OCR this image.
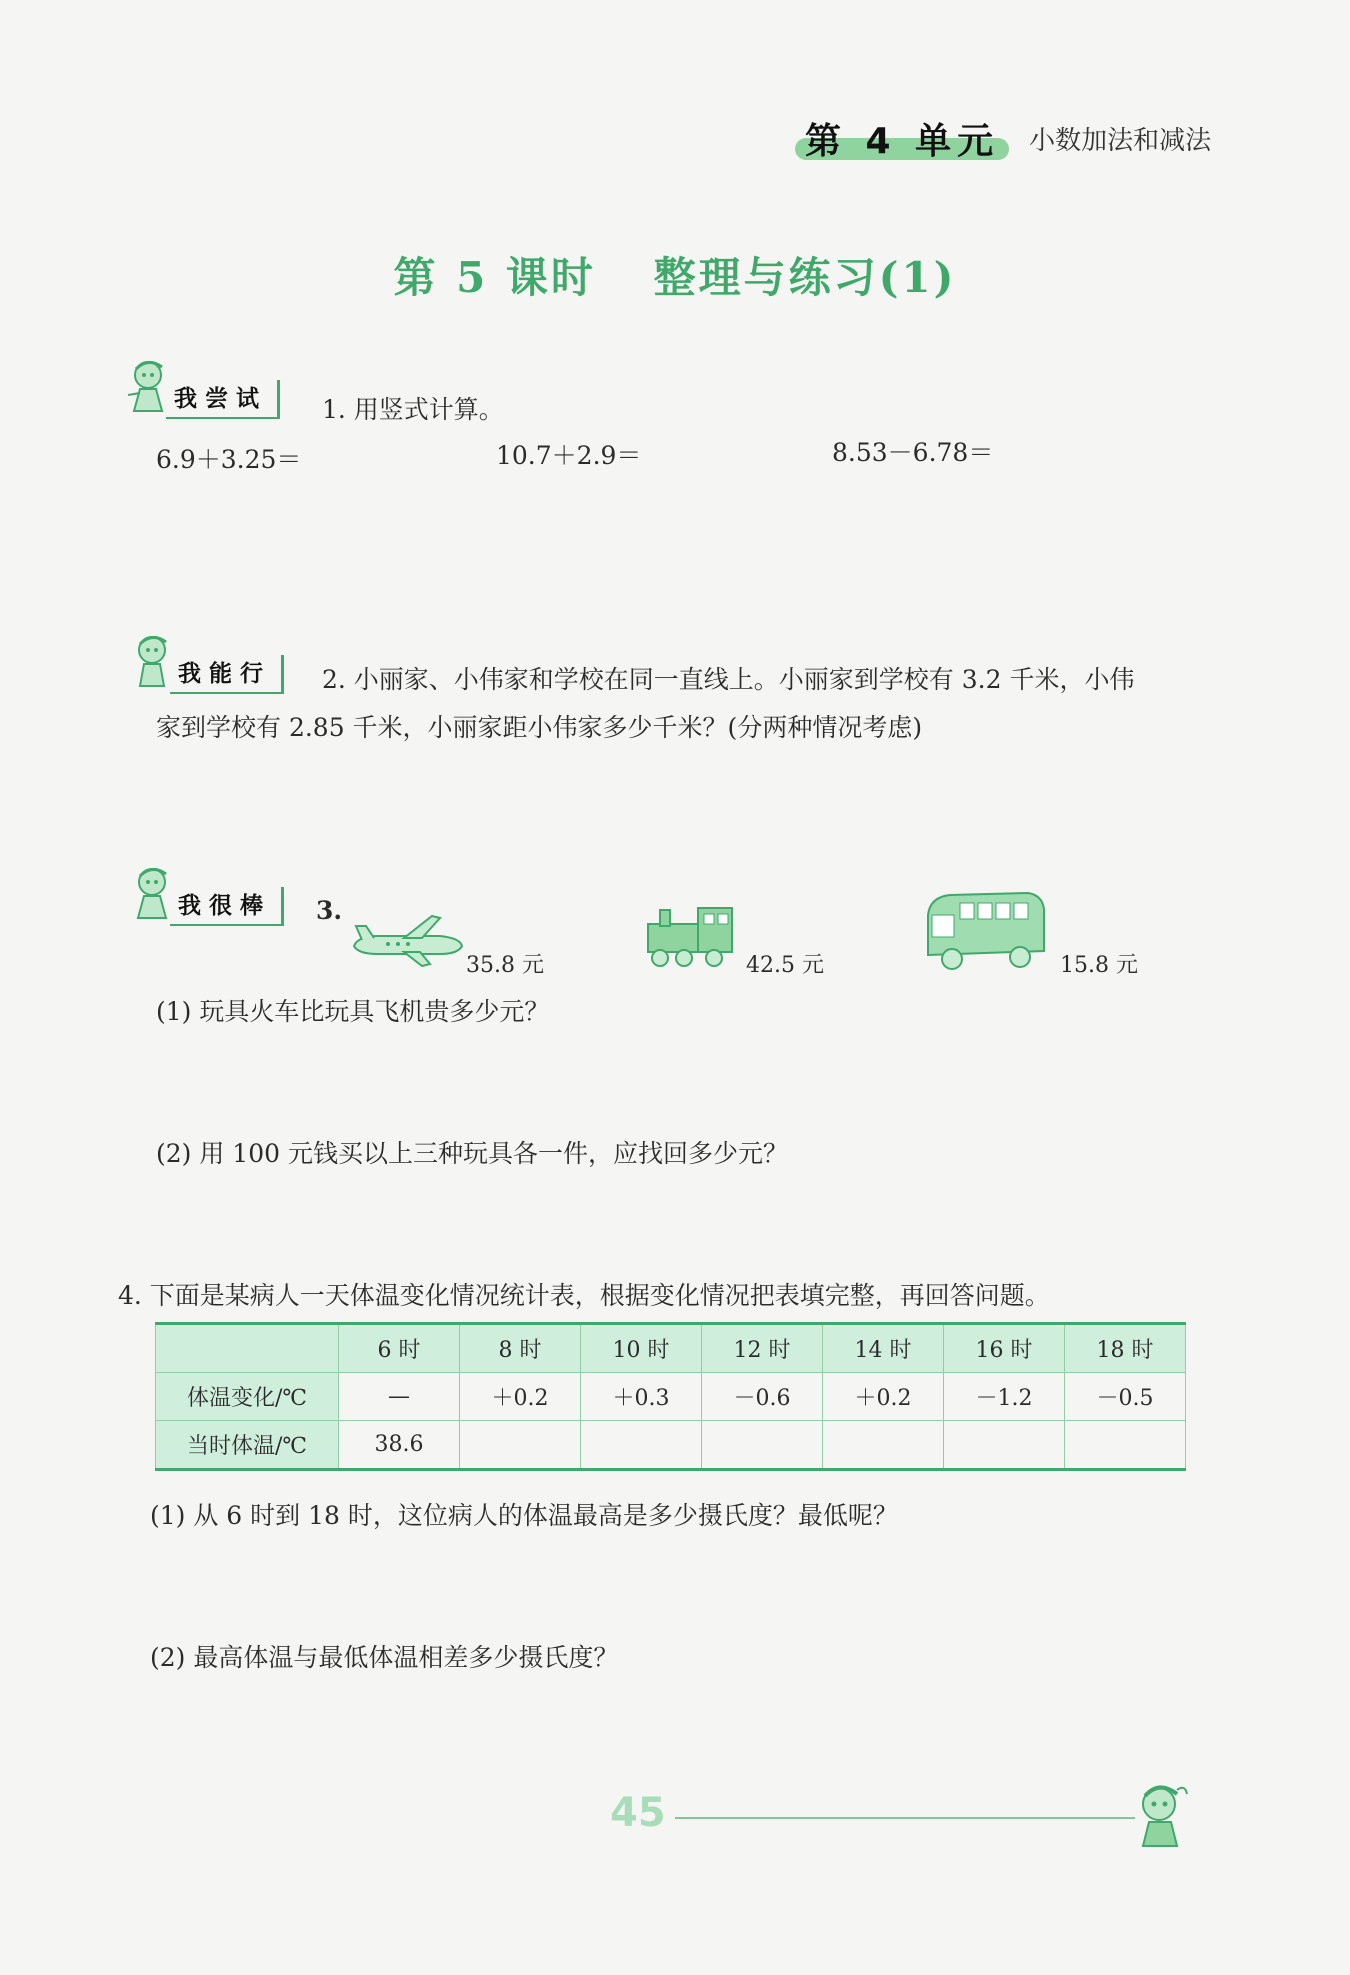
第 4 单元	小数加法和减法
第 5 课时 整理与练习(1)
我尝试	1. 用竖式计算。
6.9＋3.25＝	10.7＋2.9＝	8.53－6.78＝
我能行	2. 小丽家、小伟家和学校在同一直线上。小丽家到学校有 3.2 千米，小伟
家到学校有 2.85 千米，小丽家距小伟家多少千米？(分两种情况考虑)
我很棒	3.
35.8 元	42.5 元	15.8 元
(1) 玩具火车比玩具飞机贵多少元？
(2) 用 100 元钱买以上三种玩具各一件，应找回多少元？
4. 下面是某病人一天体温变化情况统计表，根据变化情况把表填完整，再回答问题。
	6 时	8 时	10 时	12 时	14 时	16 时	18 时
体温变化/℃	—	＋0.2	＋0.3	－0.6	＋0.2	－1.2	－0.5
当时体温/℃	38.6						
(1) 从 6 时到 18 时，这位病人的体温最高是多少摄氏度？最低呢？
(2) 最高体温与最低体温相差多少摄氏度？
45
